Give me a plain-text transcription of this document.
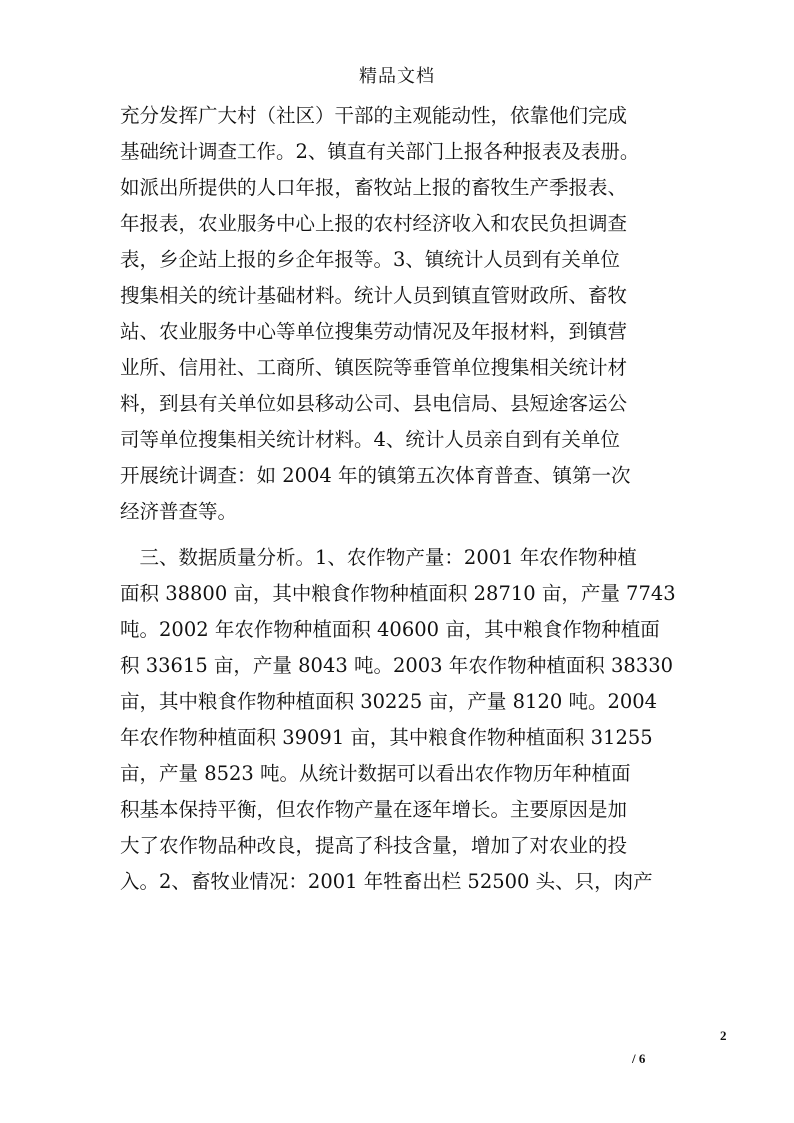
精品文档
充分发挥广大村（社区）干部的主观能动性，依靠他们完成
基础统计调查工作。2、镇直有关部门上报各种报表及表册。
如派出所提供的人口年报，畜牧站上报的畜牧生产季报表、
年报表，农业服务中心上报的农村经济收入和农民负担调查
表，乡企站上报的乡企年报等。3、镇统计人员到有关单位
搜集相关的统计基础材料。统计人员到镇直管财政所、畜牧
站、农业服务中心等单位搜集劳动情况及年报材料，到镇营
业所、信用社、工商所、镇医院等垂管单位搜集相关统计材
料，到县有关单位如县移动公司、县电信局、县短途客运公
司等单位搜集相关统计材料。4、统计人员亲自到有关单位
开展统计调查：如 2004 年的镇第五次体育普查、镇第一次
经济普查等。
　三、数据质量分析。1、农作物产量：2001 年农作物种植
面积 38800 亩，其中粮食作物种植面积 28710 亩，产量 7743
吨。2002 年农作物种植面积 40600 亩，其中粮食作物种植面
积 33615 亩，产量 8043 吨。2003 年农作物种植面积 38330
亩，其中粮食作物种植面积 30225 亩，产量 8120 吨。2004
年农作物种植面积 39091 亩，其中粮食作物种植面积 31255
亩，产量 8523 吨。从统计数据可以看出农作物历年种植面
积基本保持平衡，但农作物产量在逐年增长。主要原因是加
大了农作物品种改良，提高了科技含量，增加了对农业的投
入。2、畜牧业情况：2001 年牲畜出栏 52500 头、只，肉产
2
/ 6
